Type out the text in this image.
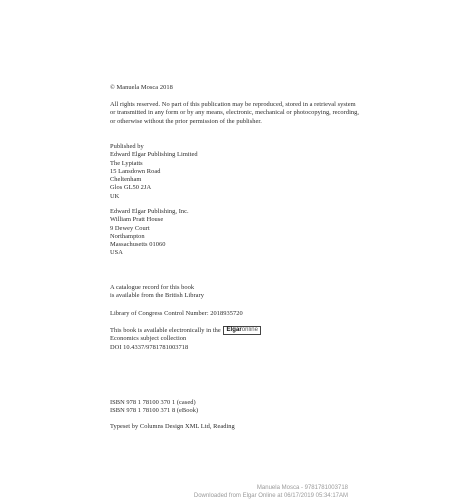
© Manuela Mosca 2018
All rights reserved. No part of this publication may be reproduced, stored in a retrieval system or transmitted in any form or by any means, electronic, mechanical or photocopying, recording, or otherwise without the prior permission of the publisher.
Published by
Edward Elgar Publishing Limited
The Lypiatts
15 Lansdown Road
Cheltenham
Glos GL50 2JA
UK
Edward Elgar Publishing, Inc.
William Pratt House
9 Dewey Court
Northampton
Massachusetts 01060
USA
A catalogue record for this book
is available from the British Library
Library of Congress Control Number: 2018935720
This book is available electronically in the Elgaronline
Economics subject collection
DOI 10.4337/9781781003718
ISBN 978 1 78100 370 1 (cased)
ISBN 978 1 78100 371 8 (eBook)
Typeset by Columns Design XML Ltd, Reading
Manuela Mosca - 9781781003718
Downloaded from Elgar Online at 06/17/2019 05:34:17AM
